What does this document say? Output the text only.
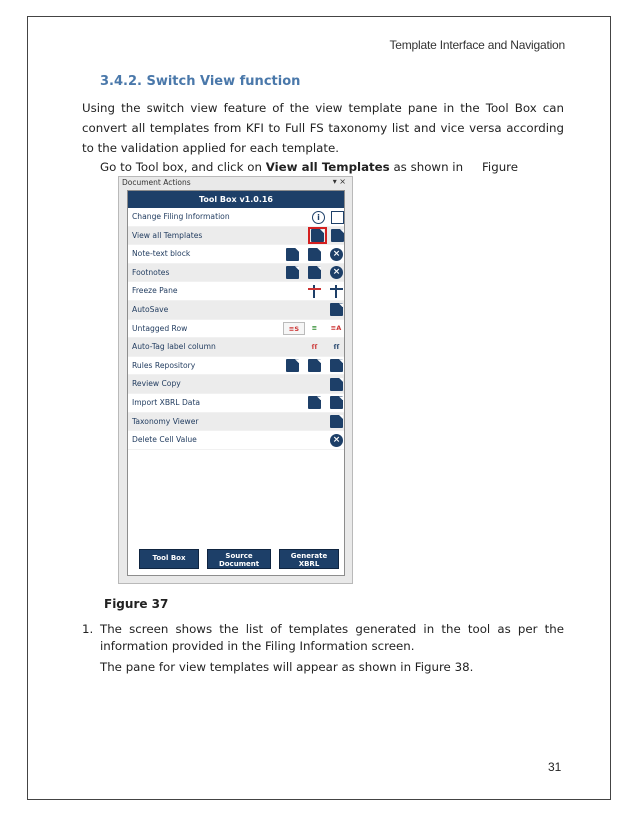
Template Interface and Navigation
3.4.2. Switch View function
Using the switch view feature of the view template pane in the Tool Box can convert all templates from KFI to Full FS taxonomy list and vice versa according to the validation applied for each template.
Go to Tool box, and click on View all Templates as shown in Figure
Document Actions	▾ ×
Tool Box v1.0.16
Change Filing Information	i
View all Templates
Note-text block	×
Footnotes	×
Freeze Pane
AutoSave
Untagged Row	≡S	≡	≡A
Auto-Tag label column	ſſ	ſſ
Rules Repository
Review Copy
Import XBRL Data
Taxonomy Viewer
Delete Cell Value	×
Tool Box	Source Document
Generate XBRL
Figure 37
1. The screen shows the list of templates generated in the tool as per the information provided in the Filing Information screen.
The pane for view templates will appear as shown in Figure 38.
31
